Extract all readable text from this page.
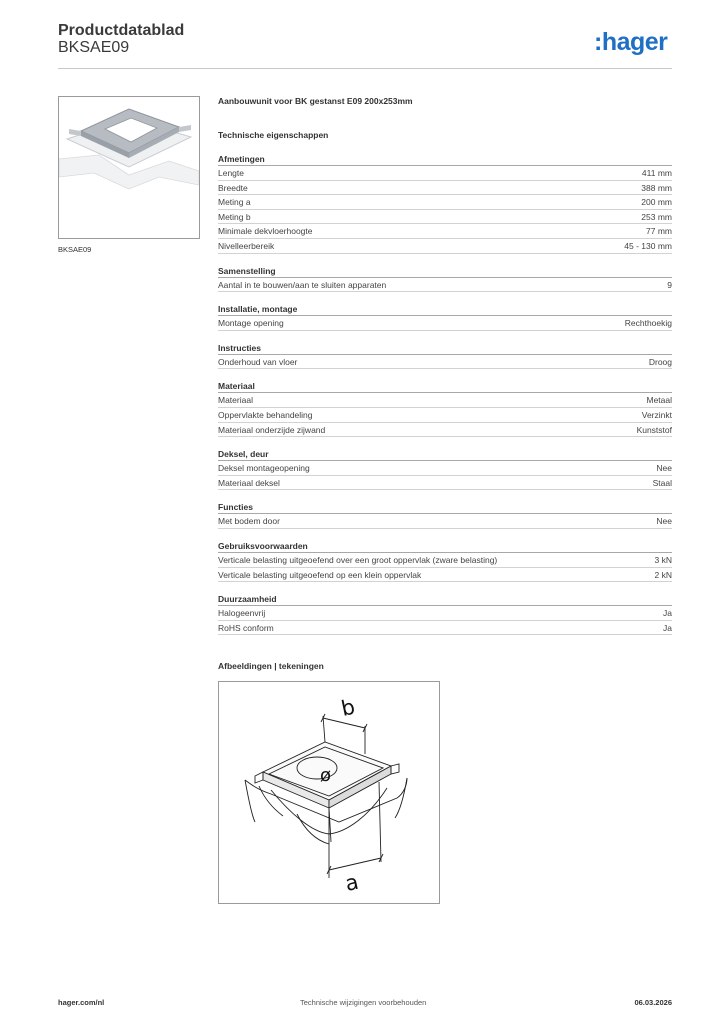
Productdatablad
BKSAE09	:hager
BKSAE09
Aanbouwunit voor BK gestanst E09 200x253mm
Technische eigenschappen
Afmetingen
Lengte	411 mm
Breedte	388 mm
Meting a	200 mm
Meting b	253 mm
Minimale dekvloerhoogte	77 mm
Nivelleerbereik	45 - 130 mm
Samenstelling
Aantal in te bouwen/aan te sluiten apparaten	9
Installatie, montage
Montage opening	Rechthoekig
Instructies
Onderhoud van vloer	Droog
Materiaal
Materiaal	Metaal
Oppervlakte behandeling	Verzinkt
Materiaal onderzijde zijwand	Kunststof
Deksel, deur
Deksel montageopening	Nee
Materiaal deksel	Staal
Functies
Met bodem door	Nee
Gebruiksvoorwaarden
Verticale belasting uitgeoefend over een groot oppervlak (zware belasting)	3 kN
Verticale belasting uitgeoefend op een klein oppervlak	2 kN
Duurzaamheid
Halogeenvrij	Ja
RoHS conform	Ja
Afbeeldingen | tekeningen
b
ø
a
hager.com/nl	Technische wijzigingen voorbehouden	06.03.2026
